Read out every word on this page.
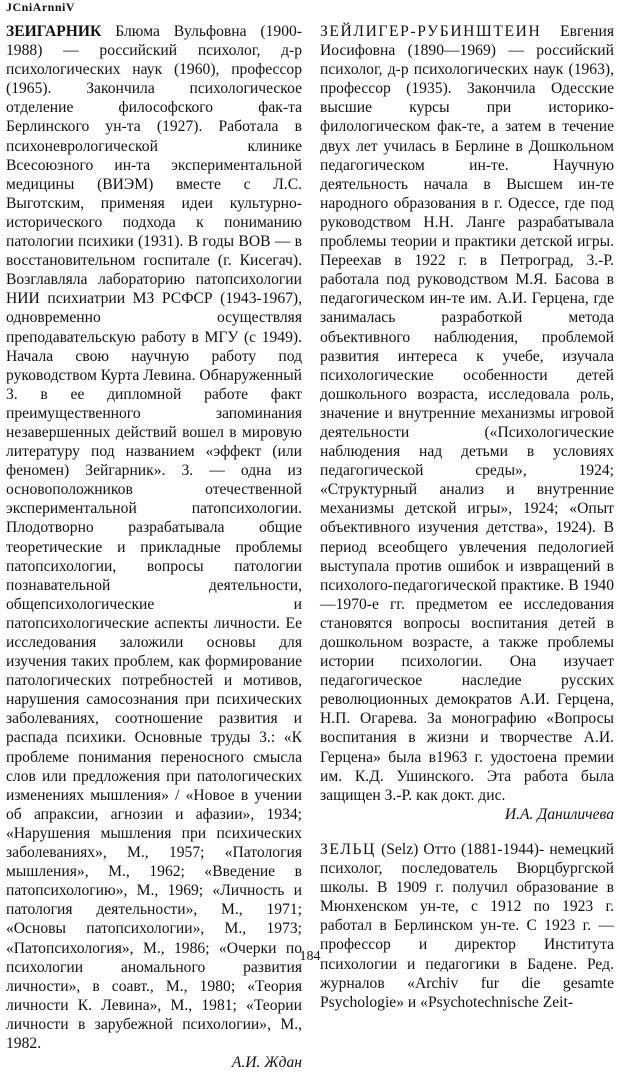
JCniArnniV

ЗЕИГАРНИК Блюма Вульфовна (1900-1988) — российский психолог, д-р психологических наук (1960), профессор (1965). Закончила психологическое отделение философского фак-та Берлинского ун-та (1927). Работала в психоневрологической клинике Всесоюзного ин-та экспериментальной медицины (ВИЭМ) вместе с Л.С. Выготским, применяя идеи культурно-исторического подхода к пониманию патологии психики (1931). В годы ВОВ — в восстановительном госпитале (г. Кисегач). Возглавляла лабораторию патопсихологии НИИ психиатрии МЗ РСФСР (1943-1967), одновременно осуществляя преподавательскую работу в МГУ (с 1949). Начала свою научную работу под руководством Курта Левина. Обнаруженный 3. в ее дипломной работе факт преимущественного запоминания незавершенных действий вошел в мировую литературу под названием «эффект (или феномен) Зейгарник». 3. — одна из основоположников отечественной экспериментальной патопсихологии. Плодотворно разрабатывала общие теоретические и прикладные проблемы патопсихологии, вопросы патологии познавательной деятельности, общепсихологические и патопсихологические аспекты личности. Ее исследования заложили основы для изучения таких проблем, как формирование патологических потребностей и мотивов, нарушения самосознания при психических заболеваниях, соотношение развития и распада психики. Основные труды 3.: «К проблеме понимания переносного смысла слов или предложения при патологических изменениях мышления» / «Новое в учении об апраксии, агнозии и афазии», 1934; «Нарушения мышления при психических заболеваниях», М., 1957; «Патология мышления», М., 1962; «Введение в патопсихологию», М., 1969; «Личность и патология деятельности», М., 1971; «Основы патопсихологии», М., 1973; «Патопсихология», М., 1986; «Очерки по психологии аномального развития личности», в соавт., М., 1980; «Теория личности К. Левина», М., 1981; «Теории личности в зарубежной психологии», М., 1982.

А.И. Ждан

ЗЕЙЛИГЕР-РУБИНШТЕИН Евгения Иосифовна (1890—1969) — российский психолог, д-р психологических наук (1963), профессор (1935). Закончила Одесские высшие курсы при историко-филологическом фак-те, а затем в течение двух лет училась в Берлине в Дошкольном педагогическом ин-те. Научную деятельность начала в Высшем ин-те народного образования в г. Одессе, где под руководством Н.Н. Ланге разрабатывала проблемы теории и практики детской игры. Переехав в 1922 г. в Петроград, 3.-Р. работала под руководством М.Я. Басова в педагогическом ин-те им. А.И. Герцена, где занималась разработкой метода объективного наблюдения, проблемой развития интереса к учебе, изучала психологические особенности детей дошкольного возраста, исследовала роль, значение и внутренние механизмы игровой деятельности («Психологические наблюдения над детьми в условиях педагогической среды», 1924; «Структурный анализ и внутренние механизмы детской игры», 1924; «Опыт объективного изучения детства», 1924). В период всеобщего увлечения педологией выступала против ошибок и извращений в психолого-педагогической практике. В 1940—1970-е гг. предметом ее исследования становятся вопросы воспитания детей в дошкольном возрасте, а также проблемы истории психологии. Она изучает педагогическое наследие русских революционных демократов А.И. Герцена, Н.П. Огарева. За монографию «Вопросы воспитания в жизни и творчестве А.И. Герцена» была в1963 г. удостоена премии им. К.Д. Ушинского. Эта работа была защищен З.-Р. как докт. дис.

И.А. Даниличева

ЗЕЛЬЦ (Selz) Отто (1881-1944)- немецкий психолог, последователь Вюрцбургской школы. В 1909 г. получил образование в Мюнхенском ун-те, с 1912 по 1923 г. работал в Берлинском ун-те. С 1923 г. — профессор и директор Института психологии и педагогики в Бадене. Ред. журналов «Archiv fur die gesamte Psychologie» и «Psychotechnische Zeit-

184
